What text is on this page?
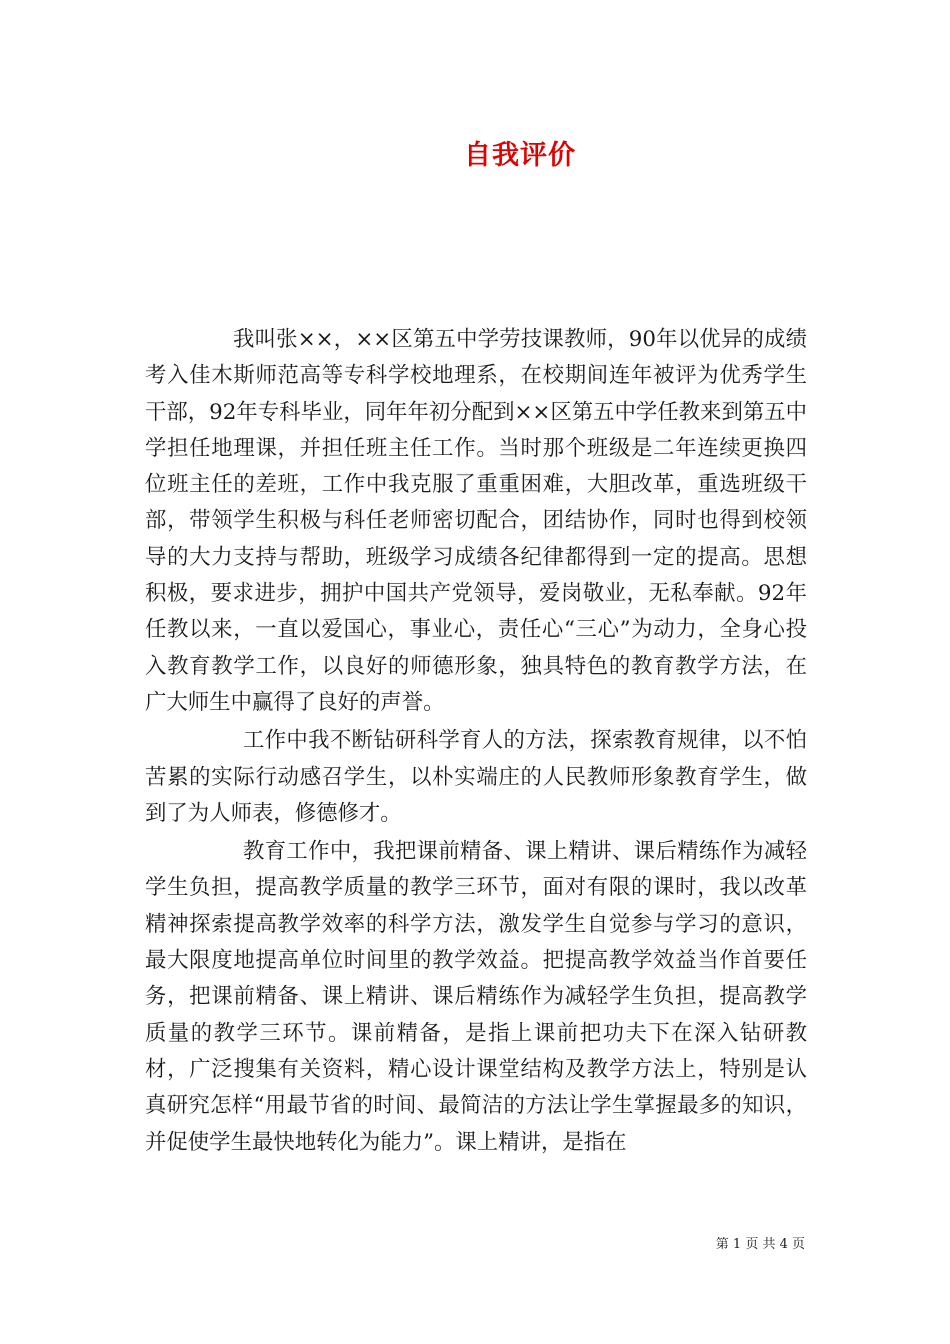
自我评价

我叫张××，××区第五中学劳技课教师，90年以优异的成绩考入佳木斯师范高等专科学校地理系，在校期间连年被评为优秀学生干部，92年专科毕业，同年年初分配到××区第五中学任教来到第五中学担任地理课，并担任班主任工作。当时那个班级是二年连续更换四位班主任的差班，工作中我克服了重重困难，大胆改革，重选班级干部，带领学生积极与科任老师密切配合，团结协作，同时也得到校领导的大力支持与帮助，班级学习成绩各纪律都得到一定的提高。思想积极，要求进步，拥护中国共产党领导，爱岗敬业，无私奉献。92年任教以来，一直以爱国心，事业心，责任心“三心”为动力，全身心投入教育教学工作，以良好的师德形象，独具特色的教育教学方法，在广大师生中赢得了良好的声誉。

工作中我不断钻研科学育人的方法，探索教育规律，以不怕苦累的实际行动感召学生，以朴实端庄的人民教师形象教育学生，做到了为人师表，修德修才。

教育工作中，我把课前精备、课上精讲、课后精练作为减轻学生负担，提高教学质量的教学三环节，面对有限的课时，我以改革精神探索提高教学效率的科学方法，激发学生自觉参与学习的意识，最大限度地提高单位时间里的教学效益。把提高教学效益当作首要任务，把课前精备、课上精讲、课后精练作为减轻学生负担，提高教学质量的教学三环节。课前精备，是指上课前把功夫下在深入钻研教材，广泛搜集有关资料，精心设计课堂结构及教学方法上，特别是认真研究怎样“用最节省的时间、最简洁的方法让学生掌握最多的知识，并促使学生最快地转化为能力”。课上精讲，是指在

第 1 页 共 4 页
